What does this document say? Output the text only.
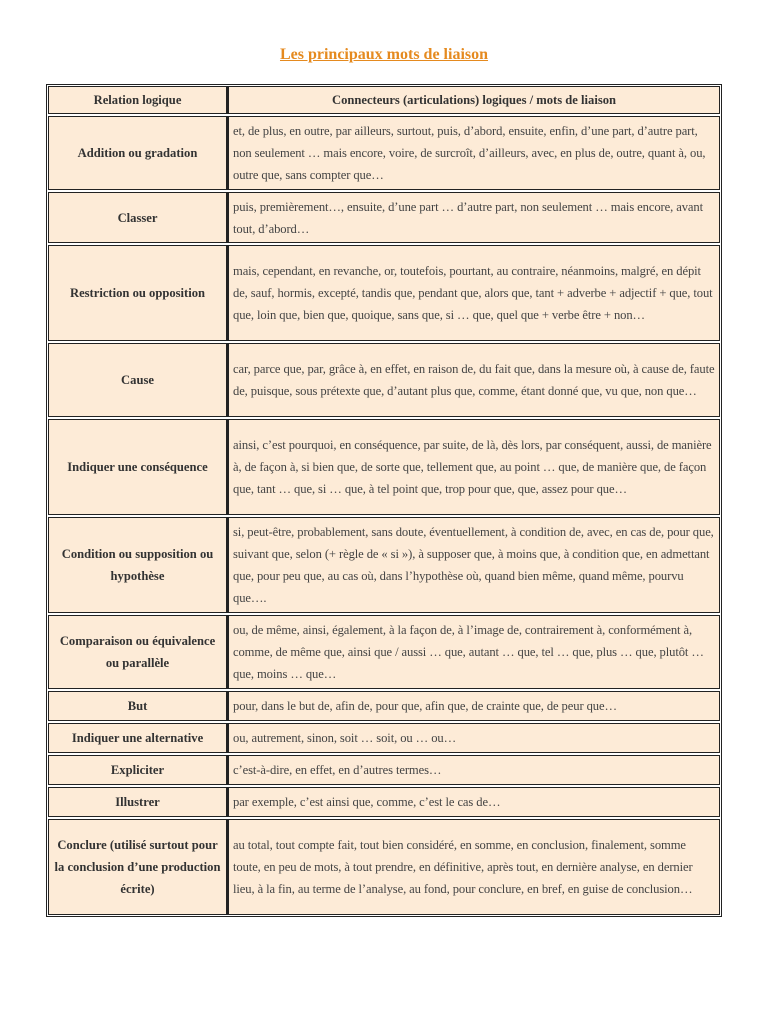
Les principaux mots de liaison
Relation logique	Connecteurs (articulations) logiques / mots de liaison
Addition ou gradation	et, de plus, en outre, par ailleurs, surtout, puis, d’abord, ensuite, enfin, d’une part, d’autre part, non seulement … mais encore, voire, de surcroît, d’ailleurs, avec, en plus de, outre, quant à, ou, outre que, sans compter que…
Classer	puis, premièrement…, ensuite, d’une part … d’autre part, non seulement … mais encore, avant tout, d’abord…
Restriction ou opposition	mais, cependant, en revanche, or, toutefois, pourtant, au contraire, néanmoins, malgré, en dépit de, sauf, hormis, excepté, tandis que, pendant que, alors que, tant + adverbe + adjectif + que, tout que, loin que, bien que, quoique, sans que, si … que, quel que + verbe être + non…
Cause	car, parce que, par, grâce à, en effet, en raison de, du fait que, dans la mesure où, à cause de, faute de, puisque, sous prétexte que, d’autant plus que, comme, étant donné que, vu que, non que…
Indiquer une conséquence	ainsi, c’est pourquoi, en conséquence, par suite, de là, dès lors, par conséquent, aussi, de manière à, de façon à, si bien que, de sorte que, tellement que, au point … que, de manière que, de façon que, tant … que, si … que, à tel point que, trop pour que, que, assez pour que…
Condition ou supposition ou hypothèse	si, peut-être, probablement, sans doute, éventuellement, à condition de, avec, en cas de, pour que, suivant que, selon (+ règle de « si »), à supposer que, à moins que, à condition que, en admettant que, pour peu que, au cas où, dans l’hypothèse où, quand bien même, quand même, pourvu que….
Comparaison ou équivalence ou parallèle	ou, de même, ainsi, également, à la façon de, à l’image de, contrairement à, conformément à, comme, de même que, ainsi que / aussi … que, autant … que, tel … que, plus … que, plutôt … que, moins … que…
But	pour, dans le but de, afin de, pour que, afin que, de crainte que, de peur que…
Indiquer une alternative	ou, autrement, sinon, soit … soit, ou … ou…
Expliciter	c’est-à-dire, en effet, en d’autres termes…
Illustrer	par exemple, c’est ainsi que, comme, c’est le cas de…
Conclure (utilisé surtout pour la conclusion d’une production écrite)	au total, tout compte fait, tout bien considéré, en somme, en conclusion, finalement, somme toute, en peu de mots, à tout prendre, en définitive, après tout, en dernière analyse, en dernier lieu, à la fin, au terme de l’analyse, au fond, pour conclure, en bref, en guise de conclusion…
